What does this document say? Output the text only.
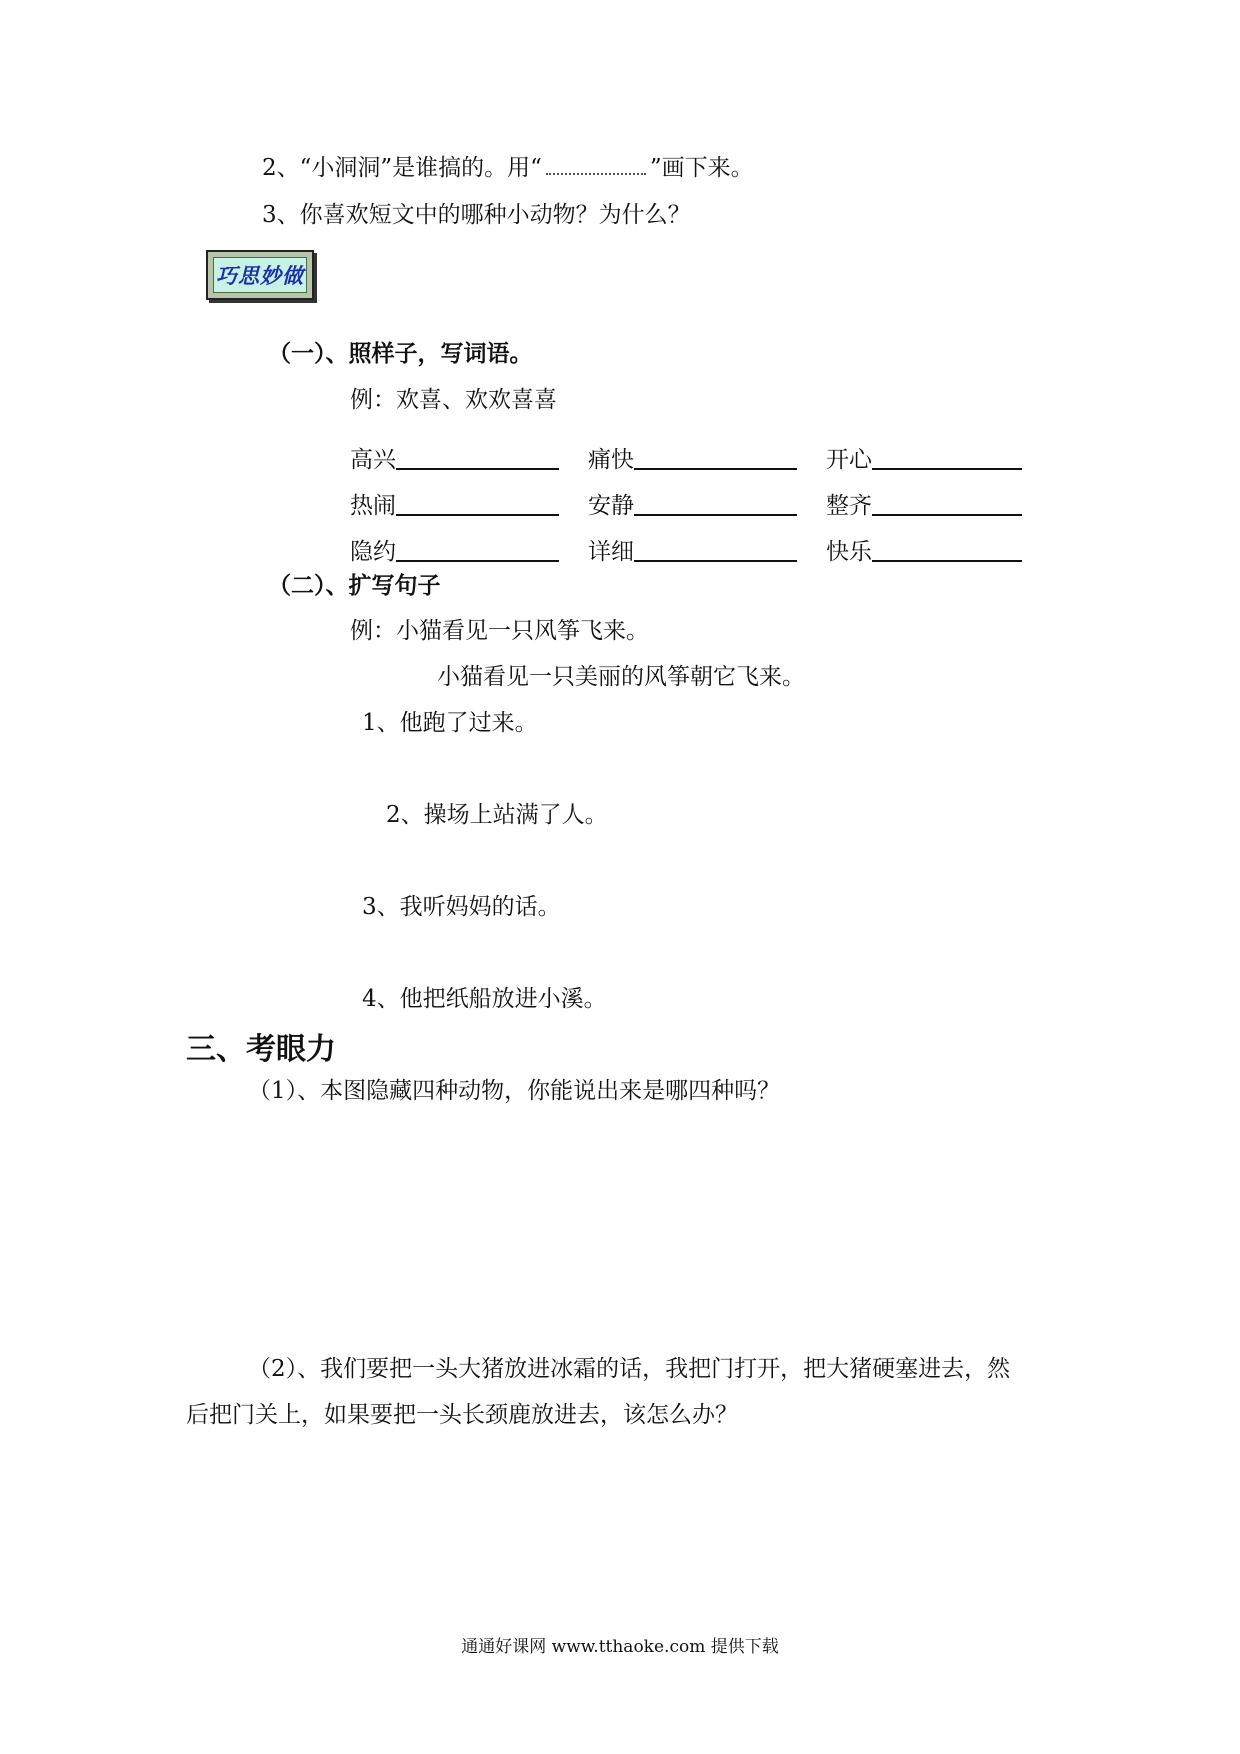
2、“小洞洞”是谁搞的。用“	”画下来。
3、你喜欢短文中的哪种小动物？为什么？
巧思妙做
（一）、照样子，写词语。
例：欢喜、欢欢喜喜
高兴	痛快	开心
热闹	安静	整齐
隐约	详细	快乐
（二）、扩写句子
例：小猫看见一只风筝飞来。
小猫看见一只美丽的风筝朝它飞来。
1、他跑了过来。
2、操场上站满了人。
3、我听妈妈的话。
4、他把纸船放进小溪。
三、考眼力
（1）、本图隐藏四种动物，你能说出来是哪四种吗？
（2）、我们要把一头大猪放进冰霜的话，我把门打开，把大猪硬塞进去，然
后把门关上，如果要把一头长颈鹿放进去，该怎么办？
通通好课网 www.tthaoke.com 提供下载
